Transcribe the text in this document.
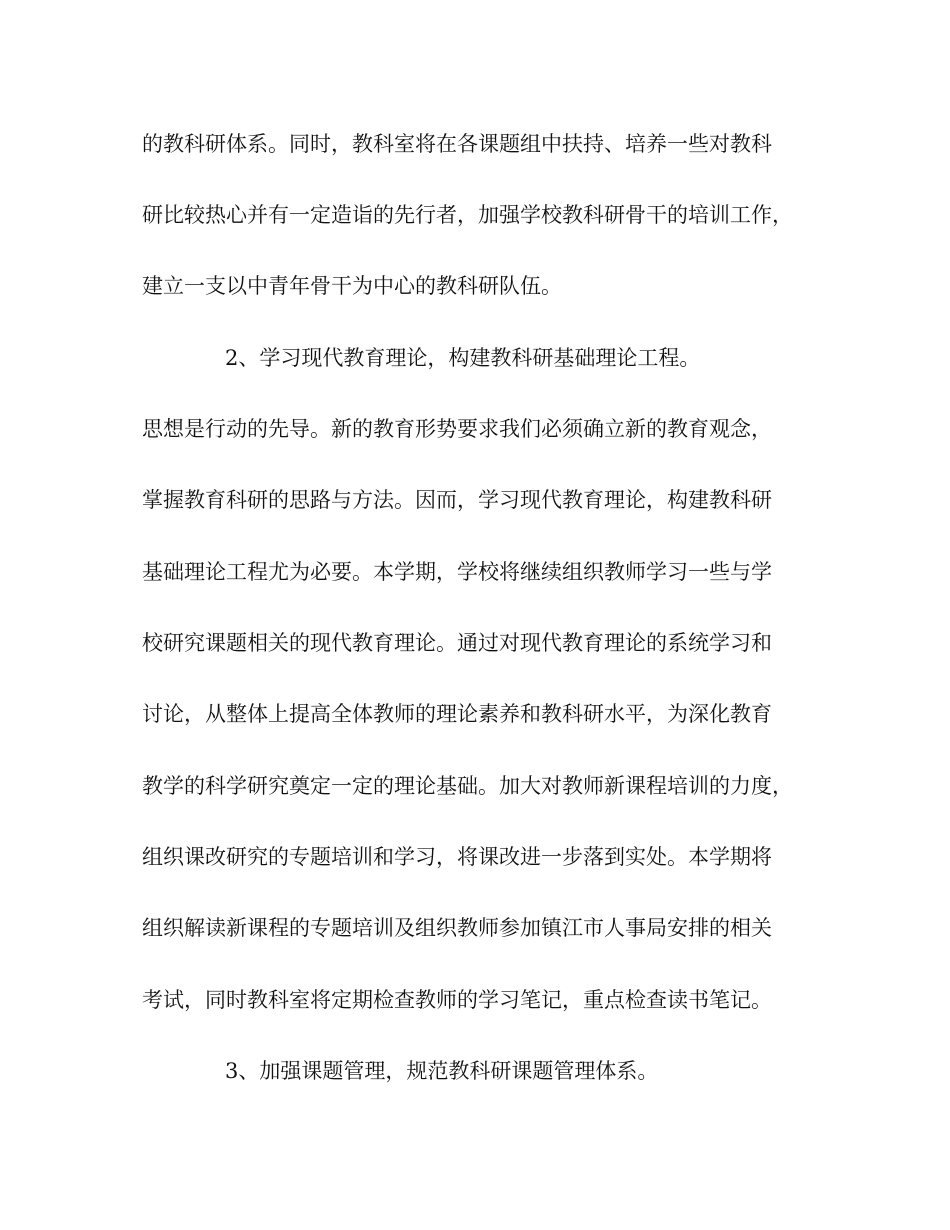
的教科研体系。同时，教科室将在各课题组中扶持、培养一些对教科
研比较热心并有一定造诣的先行者，加强学校教科研骨干的培训工作，
建立一支以中青年骨干为中心的教科研队伍。
2、学习现代教育理论，构建教科研基础理论工程。
思想是行动的先导。新的教育形势要求我们必须确立新的教育观念，
掌握教育科研的思路与方法。因而，学习现代教育理论，构建教科研
基础理论工程尤为必要。本学期，学校将继续组织教师学习一些与学
校研究课题相关的现代教育理论。通过对现代教育理论的系统学习和
讨论，从整体上提高全体教师的理论素养和教科研水平，为深化教育
教学的科学研究奠定一定的理论基础。加大对教师新课程培训的力度，
组织课改研究的专题培训和学习，将课改进一步落到实处。本学期将
组织解读新课程的专题培训及组织教师参加镇江市人事局安排的相关
考试，同时教科室将定期检查教师的学习笔记，重点检查读书笔记。
3、加强课题管理，规范教科研课题管理体系。
